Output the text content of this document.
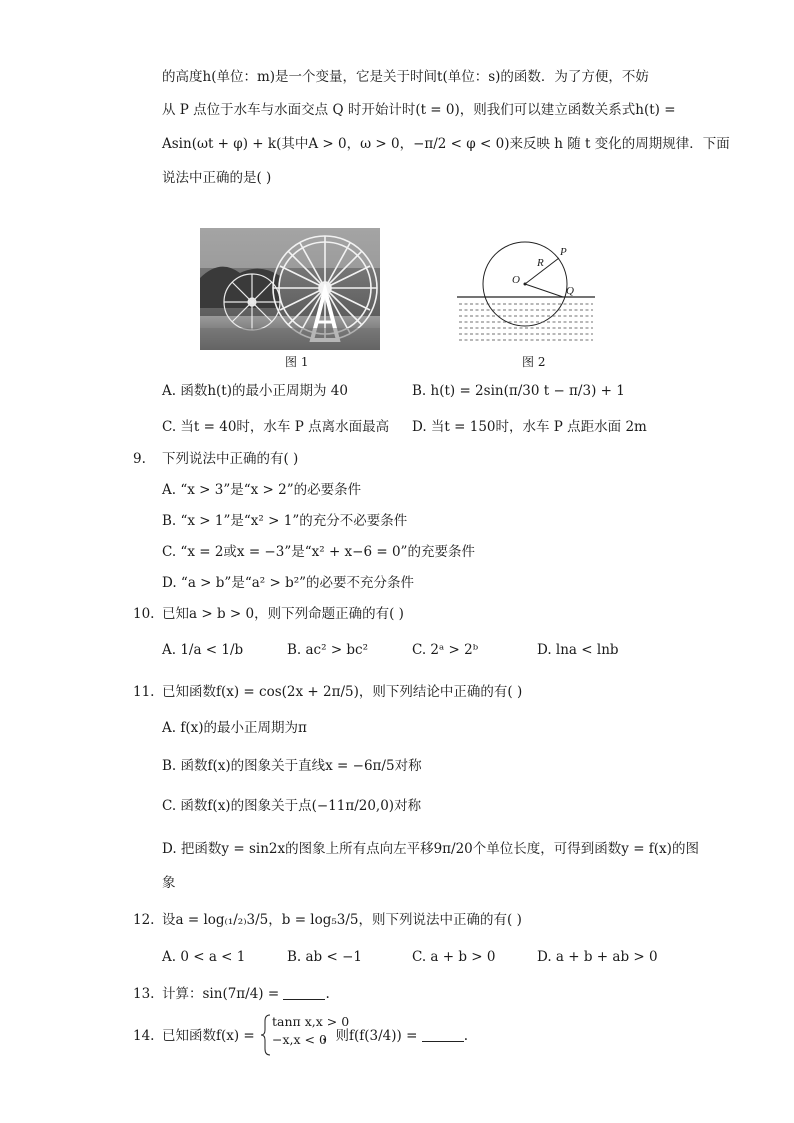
的高度h(单位：m)是一个变量，它是关于时间t(单位：s)的函数．为了方便，不妨
从 P 点位于水车与水面交点 Q 时开始计时(t = 0)，则我们可以建立函数关系式h(t) =
Asin(ωt + φ) + k(其中A > 0，ω > 0，−π/2 < φ < 0)来反映 h 随 t 变化的周期规律．下面
说法中正确的是( )
图 1
P
R
O
Q
图 2
A. 函数h(t)的最小正周期为 40	B. h(t) = 2sin(π/30 t − π/3) + 1
C. 当t = 40时，水车 P 点离水面最高 D. 当t = 150时，水车 P 点距水面 2m
9. 下列说法中正确的有( )
A. “x > 3”是“x > 2”的必要条件
B. “x > 1”是“x² > 1”的充分不必要条件
C. “x = 2或x = −3”是“x² + x−6 = 0”的充要条件
D. “a > b”是“a² > b²”的必要不充分条件
10. 已知a > b > 0，则下列命题正确的有( )
A. 1/a < 1/b	B. ac² > bc²	C. 2ᵃ > 2ᵇ	D. lna < lnb
11. 已知函数f(x) = cos(2x + 2π/5)，则下列结论中正确的有( )
A. f(x)的最小正周期为π
B. 函数f(x)的图象关于直线x = −6π/5对称
C. 函数f(x)的图象关于点(−11π/20,0)对称
D. 把函数y = sin2x的图象上所有点向左平移9π/20个单位长度，可得到函数y = f(x)的图
象
12. 设a = log₍₁/₂₎3/5，b = log₅3/5，则下列说法中正确的有( )
A. 0 < a < 1	B. ab < −1	C. a + b > 0	D. a + b + ab > 0
13. 计算：sin(7π/4) =	.
14. 已知函数f(x) =
tanπ x,x > 0
−x,x < 0
，则f(f(3/4)) =	.
